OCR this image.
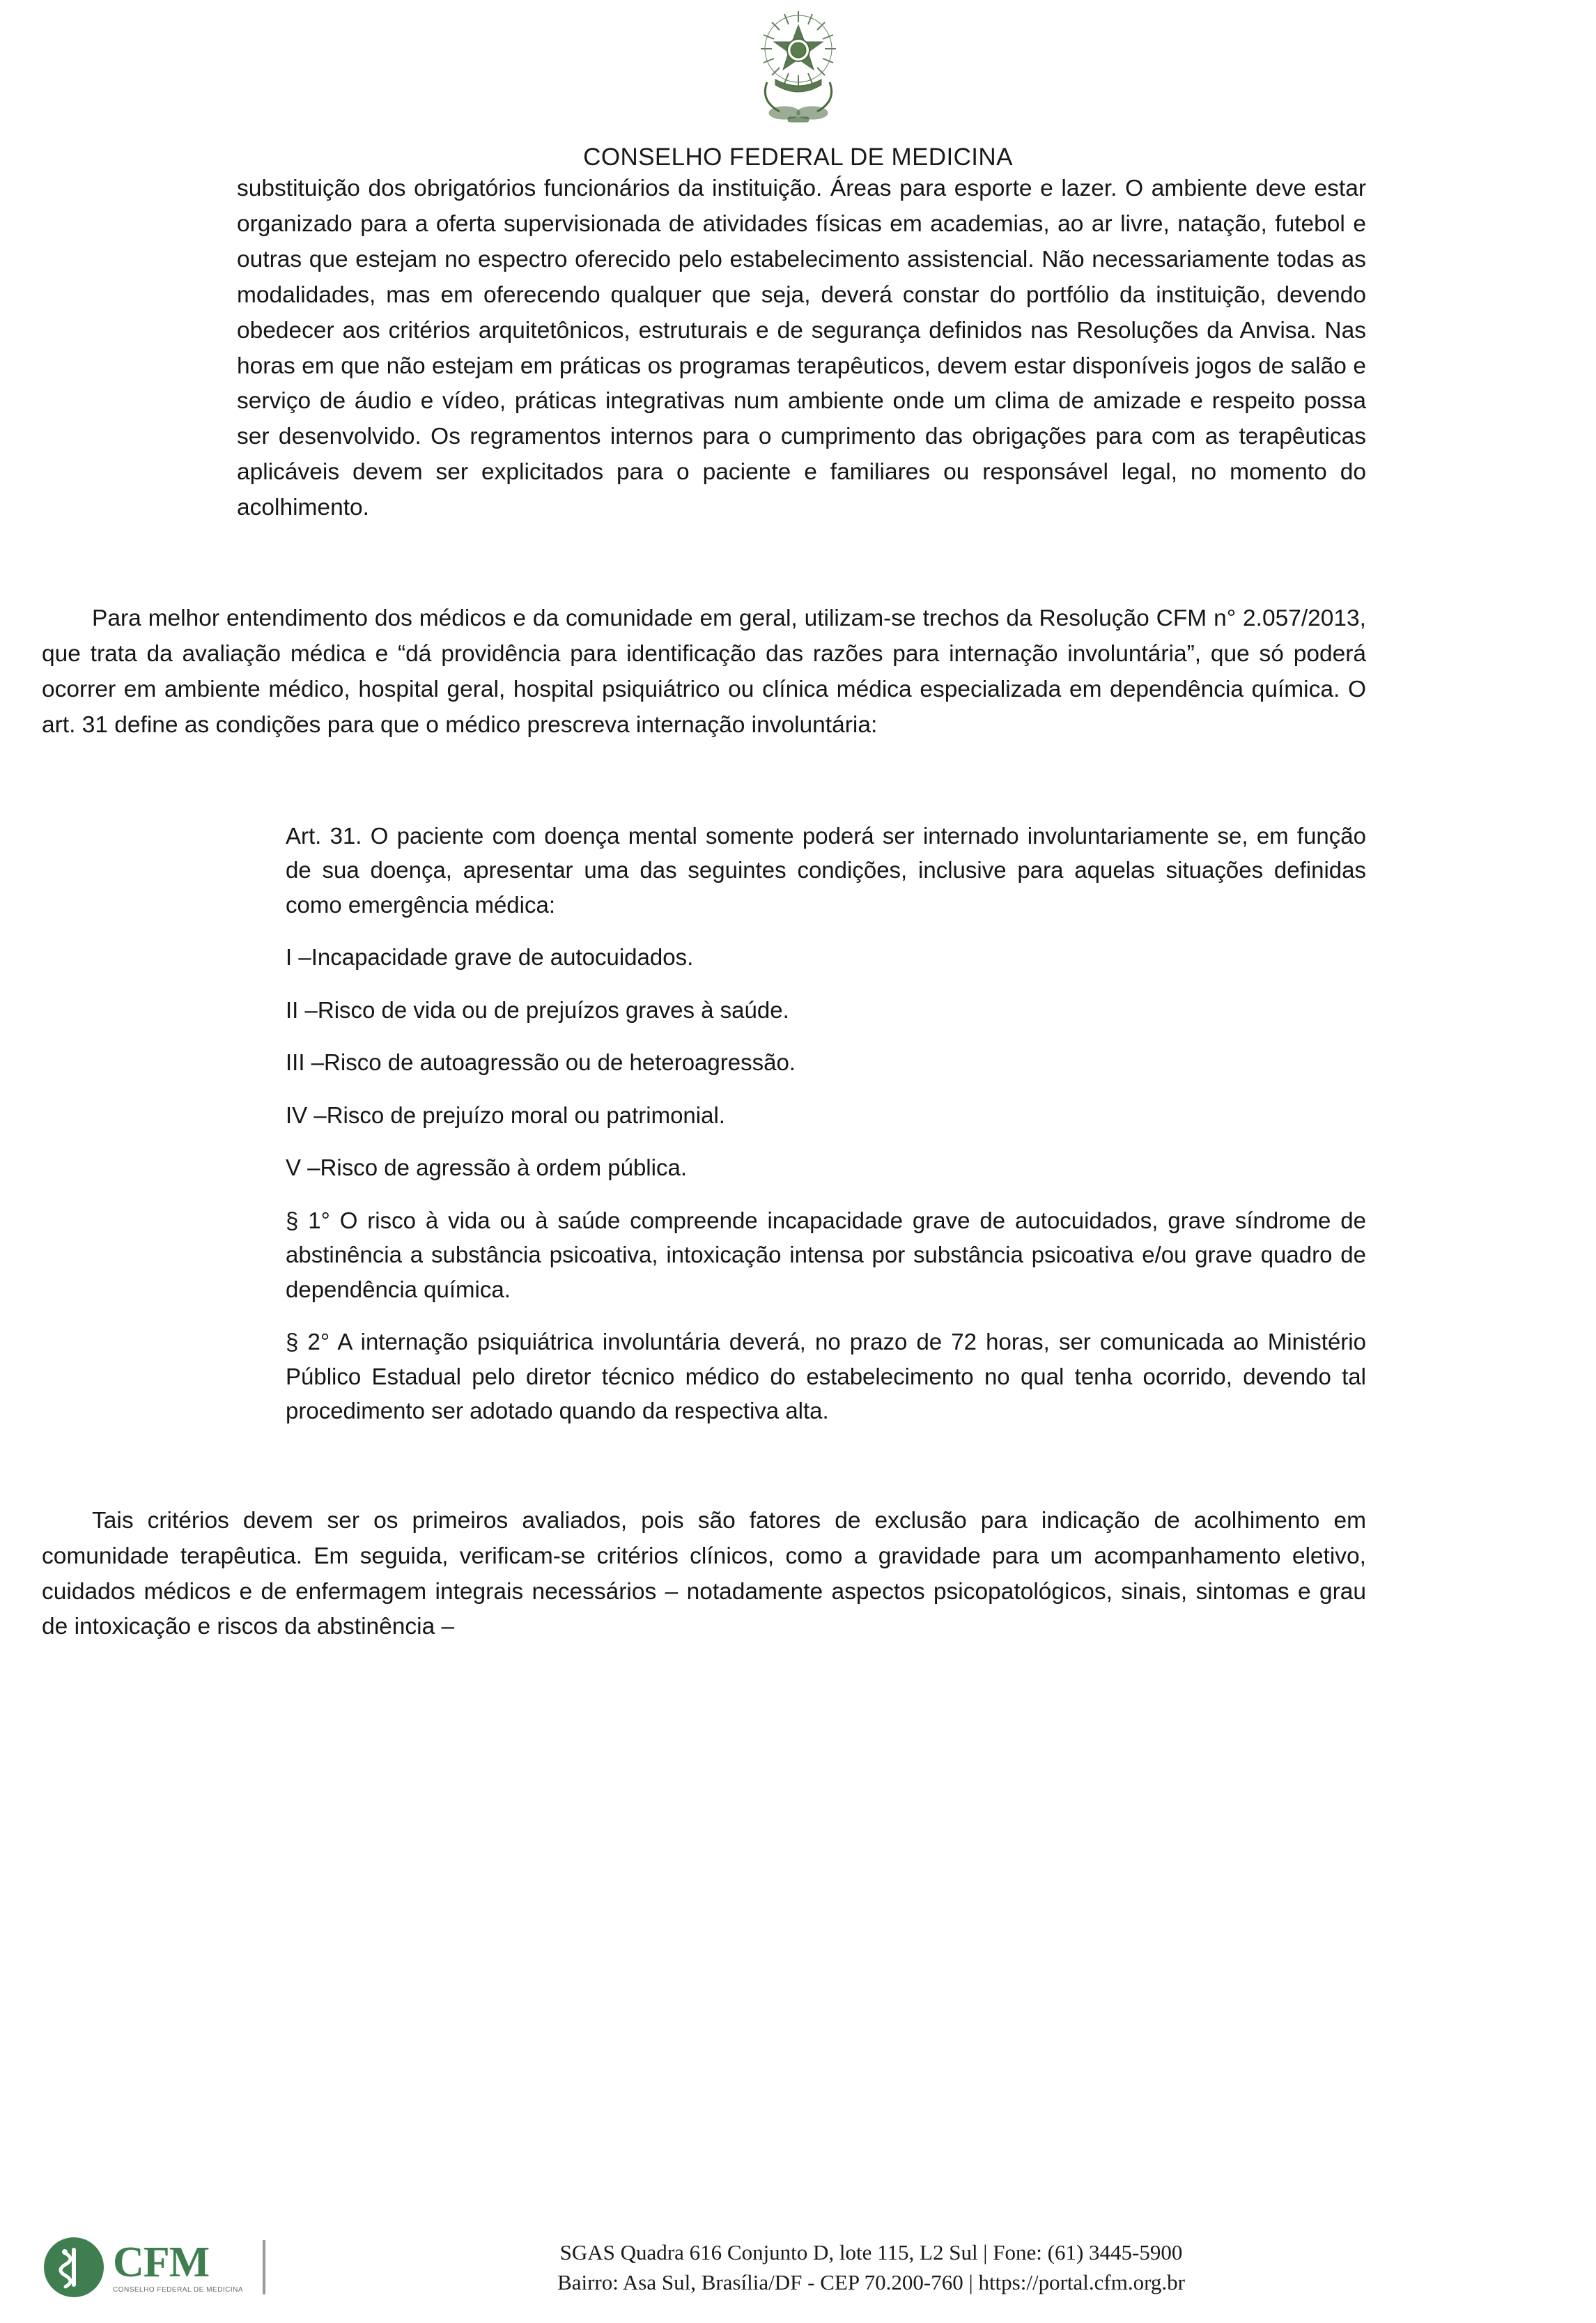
CONSELHO FEDERAL DE MEDICINA

substituição dos obrigatórios funcionários da instituição. Áreas para esporte e lazer. O ambiente deve estar organizado para a oferta supervisionada de atividades físicas em academias, ao ar livre, natação, futebol e outras que estejam no espectro oferecido pelo estabelecimento assistencial. Não necessariamente todas as modalidades, mas em oferecendo qualquer que seja, deverá constar do portfólio da instituição, devendo obedecer aos critérios arquitetônicos, estruturais e de segurança definidos nas Resoluções da Anvisa. Nas horas em que não estejam em práticas os programas terapêuticos, devem estar disponíveis jogos de salão e serviço de áudio e vídeo, práticas integrativas num ambiente onde um clima de amizade e respeito possa ser desenvolvido. Os regramentos internos para o cumprimento das obrigações para com as terapêuticas aplicáveis devem ser explicitados para o paciente e familiares ou responsável legal, no momento do acolhimento.

Para melhor entendimento dos médicos e da comunidade em geral, utilizam-se trechos da Resolução CFM n° 2.057/2013, que trata da avaliação médica e “dá providência para identificação das razões para internação involuntária”, que só poderá ocorrer em ambiente médico, hospital geral, hospital psiquiátrico ou clínica médica especializada em dependência química. O art. 31 define as condições para que o médico prescreva internação involuntária:

Art. 31. O paciente com doença mental somente poderá ser internado involuntariamente se, em função de sua doença, apresentar uma das seguintes condições, inclusive para aquelas situações definidas como emergência médica:

I –Incapacidade grave de autocuidados.

II –Risco de vida ou de prejuízos graves à saúde.

III –Risco de autoagressão ou de heteroagressão.

IV –Risco de prejuízo moral ou patrimonial.

V –Risco de agressão à ordem pública.

§ 1° O risco à vida ou à saúde compreende incapacidade grave de autocuidados, grave síndrome de abstinência a substância psicoativa, intoxicação intensa por substância psicoativa e/ou grave quadro de dependência química.

§ 2° A internação psiquiátrica involuntária deverá, no prazo de 72 horas, ser comunicada ao Ministério Público Estadual pelo diretor técnico médico do estabelecimento no qual tenha ocorrido, devendo tal procedimento ser adotado quando da respectiva alta.

Tais critérios devem ser os primeiros avaliados, pois são fatores de exclusão para indicação de acolhimento em comunidade terapêutica. Em seguida, verificam-se critérios clínicos, como a gravidade para um acompanhamento eletivo, cuidados médicos e de enfermagem integrais necessários – notadamente aspectos psicopatológicos, sinais, sintomas e grau de intoxicação e riscos da abstinência –

CFM
CONSELHO FEDERAL DE MEDICINA
SGAS Quadra 616 Conjunto D, lote 115, L2 Sul | Fone: (61) 3445-5900
Bairro: Asa Sul, Brasília/DF - CEP 70.200-760 | https://portal.cfm.org.br
